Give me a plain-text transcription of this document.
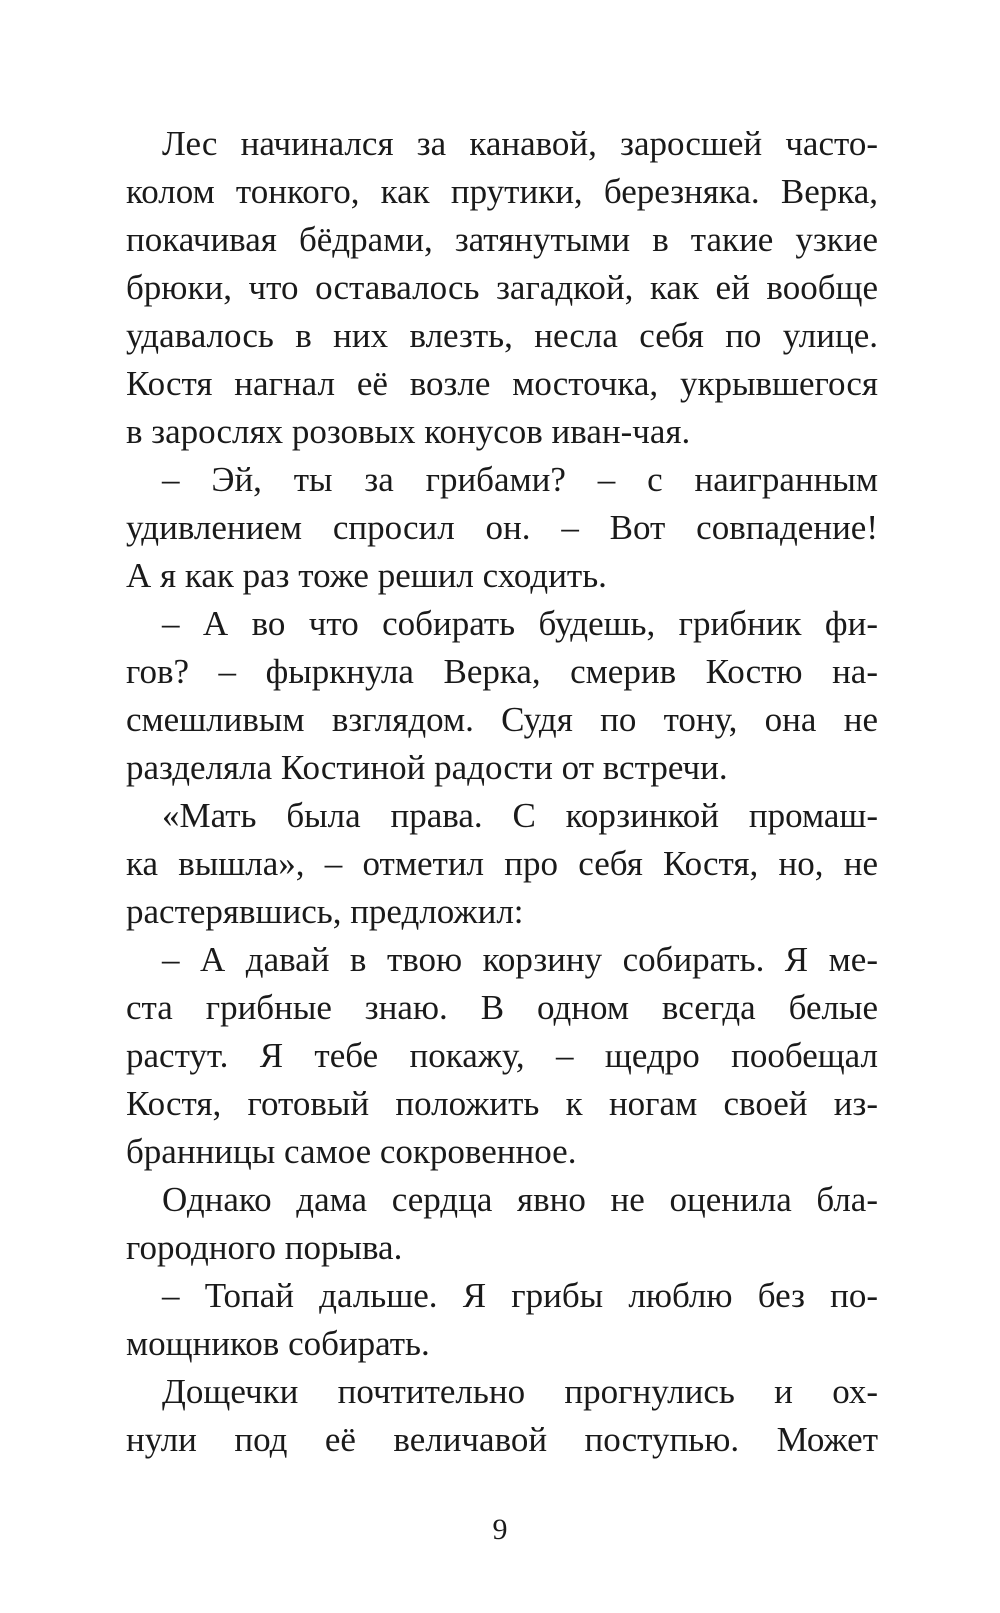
Лес начинался за канавой, заросшей часто-
колом тонкого, как прутики, березняка. Верка,
покачивая бёдрами, затянутыми в такие узкие
брюки, что оставалось загадкой, как ей вообще
удавалось в них влезть, несла себя по улице.
Костя нагнал её возле мосточка, укрывшегося
в зарослях розовых конусов иван-чая.
– Эй, ты за грибами? – с наигранным
удивлением спросил он. – Вот совпадение!
А я как раз тоже решил сходить.
– А во что собирать будешь, грибник фи-
гов? – фыркнула Верка, смерив Костю на-
смешливым взглядом. Судя по тону, она не
разделяла Костиной радости от встречи.
«Мать была права. С корзинкой промаш-
ка вышла», – отметил про себя Костя, но, не
растерявшись, предложил:
– А давай в твою корзину собирать. Я ме-
ста грибные знаю. В одном всегда белые
растут. Я тебе покажу, – щедро пообещал
Костя, готовый положить к ногам своей из-
бранницы самое сокровенное.
Однако дама сердца явно не оценила бла-
городного порыва.
– Топай дальше. Я грибы люблю без по-
мощников собирать.
Дощечки почтительно прогнулись и ох-
нули под её величавой поступью. Может
9
